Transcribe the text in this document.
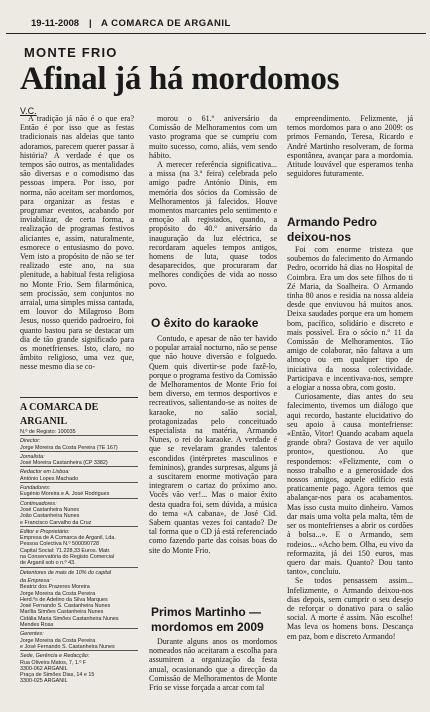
19-11-2008 | A COMARCA DE ARGANIL
MONTE FRIO
Afinal já há mordomos
V.C.

A tradição já não é o que era? Então é por isso que as festas tradicionais nas aldeias que tanto adoramos, parecem querer passar à história? A verdade é que os tempos são outros, as mentalidades são diversas e o comodismo das pessoas impera. Por isso, por norma, não aceitam ser mordomos, para organizar as festas e programar eventos, acabando por inviabilizar, de certa forma, a realização de programas festivos aliciantes e, assim, naturalmente, esmorece o entusiasmo do povo. Vem isto a propósito de não se ter realizado este ano, na sua plenitude, a habitual festa religiosa no Monte Frio. Sem filarmónica, sem procissão, sem conjuntos no arraial, uma simples missa cantada, em louvor do Milagroso Bom Jesus, nosso querido padroeiro, foi quanto bastou para se destacar um dia de tão grande significado para os monetfrienses. Isto, claro, no âmbito religioso, uma vez que, nesse mesmo dia se co-

morou o 61.º aniversário da Comissão de Melhoramentos com um vasto programa que se cumpriu com muito sucesso, como, aliás, vem sendo hábito.

A merecer referência significativa... a missa (na 3.ª feira) celebrada pelo amigo padre António Dinis, em memória dos sócios da Comissão de Melhoramentos já falecidos. Houve momentos marcantes pelo sentimento e emoção ali registados, quando, a propósito do 40.º aniversário da inauguração da luz eléctrica, se recordaram aqueles tempos antigos, homens de luta, quase todos desaparecidos, que procuraram dar melhores condições de vida ao nosso povo.

empreendimento. Felizmente, já temos mordomos para o ano 2009: os primos Fernando, Teresa, Ricardo e André Martinho resolveram, de forma espontânea, avançar para a mordomia. Atitude louvável que esperamos tenha seguidores futuramente.

O êxito do karaoke

Contudo, e apesar de não ter havido o popular arraial nocturno, não se pense que não houve diversão e folguedo. Quem quis divertir-se pode fazê-lo, porque o programa festivo da Comissão de Melhoramentos de Monte Frio foi bem diverso, em termos desportivos e recreativos, salientando-se as noites de karaoke, no salão social, protagonizadas pelo conceituado especialista na matéria, Armando Nunes, o rei do karaoke. A verdade é que se revelaram grandes talentos escondidos (intérpretes masculinos e femininos), grandes surpresas, alguns já a suscitarem enorme motivação para integrarem o cartaz do próximo ano. Vocês vão ver!... Mas o maior êxito desta quadra foi, sem dúvida, a música do tema «A cabana», de José Cid. Sabem quantas vezes foi cantado? De tal forma que o CD já está referenciado como fazendo parte das coisas boas do site do Monte Frio.

Primos Martinho — mordomos em 2009

Durante alguns anos os mordomos nomeados não aceitaram a escolha para assumirem a organização da festa anual, ocasionando que a direcção da Comissão de Melhoramentos de Monte Frio se visse forçada a arcar com tal

Armando Pedro deixou-nos

Foi com enorme tristeza que soubemos do falecimento do Armando Pedro, ocorrido há dias no Hospital de Coimbra. Era um dos sete filhos do ti Zé Maria, da Soalheira. O Armando tinha 80 anos e residia na nossa aldeia desde que enviuvou há muitos anos. Deixa saudades porque era um homem bom, pacífico, solidário e discreto e mais possível. Era o sócio n.º 11 da Comissão de Melhoramentos. Tão amigo de colaborar, não faltava a um almoço ou em qualquer tipo de iniciativa da nossa colectividade. Participava e incentivava-nos, sempre a elogiar a nossa obra, com gosto.

Curiosamente, dias antes do seu falecimento, tivemos um diálogo que aqui recordo, bastante elucidativo do seu apoio à causa montefriense: «Então, Vitor! Quando acabam aquela grande obra? Gostava de ver aquilo pronto», questionou. Ao que respondemos: «Felizmente, com o nosso trabalho e a generosidade dos nossos amigos, aquele edifício está praticamente pago. Agora temos que abalançar-nos para os acabamentos. Mas isso custa muito dinheiro. Vamos dar mais uma volta pela malta, têm de ser os montefrienses a abrir os cordões à bolsa...». E o Armando, sem rodeios... «Acho bem. Olha, eu vivo da reformazita, já dei 150 euros, mas quero dar mais. Quanto? Dou tanto tanto», concluiu.

Se todos pensassem assim... Infelizmente, o Armando deixou-nos dias depois, sem cumprir o seu desejo de reforçar o donativo para o salão social. A morte é assim. Não escolhe! Mas leva os homens bons. Descança em paz, bom e discreto Armando!

A COMARCA DE ARGANIL
N.º de Registo: 100035
Director:
Jorge Moreira da Costa Pereira (TE 167)
Jornalista:
José Moreira Castanheira (CP 3382)
Redactor em Lisboa:
António Lopes Machado
Fundadores:
Eugénio Moreira e A. José Rodrigues
Continuadores:
José Castanheira Nunes
João Castanheira Nunes
e Francisco Carvalho da Cruz
Editor e Proprietário:
Empresa de A Comarca de Arganil, Lda.
Pessoa Colectiva N.º 500090728
Capital Social: 71.228,33 Euros. Matr.
na Conservatória do Registo Comercial
de Arganil sob o n.º 43.
Detentores de mais de 10% do capital
da Empresa:
Beatriz dos Prazeres Moreira
Jorge Moreira da Costa Pereira
Herd.ºs de Adelino da Silva Marques
José Fernando S. Castanheira Nunes
Marília Simões Castanheira Nunes
Cidália Maria Simões Castanheira Nunes
Mendes Rosa
Gerentes:
Jorge Moreira da Costa Pereira
e José Fernando S. Castanheira Nunes
Sede, Gerência e Redacção:
Rua Oliveira Matos, 7, 1.º F
3300-062 ARGANIL
Praça de Simões Dias, 14 e 15
3300-025 ARGANIL
